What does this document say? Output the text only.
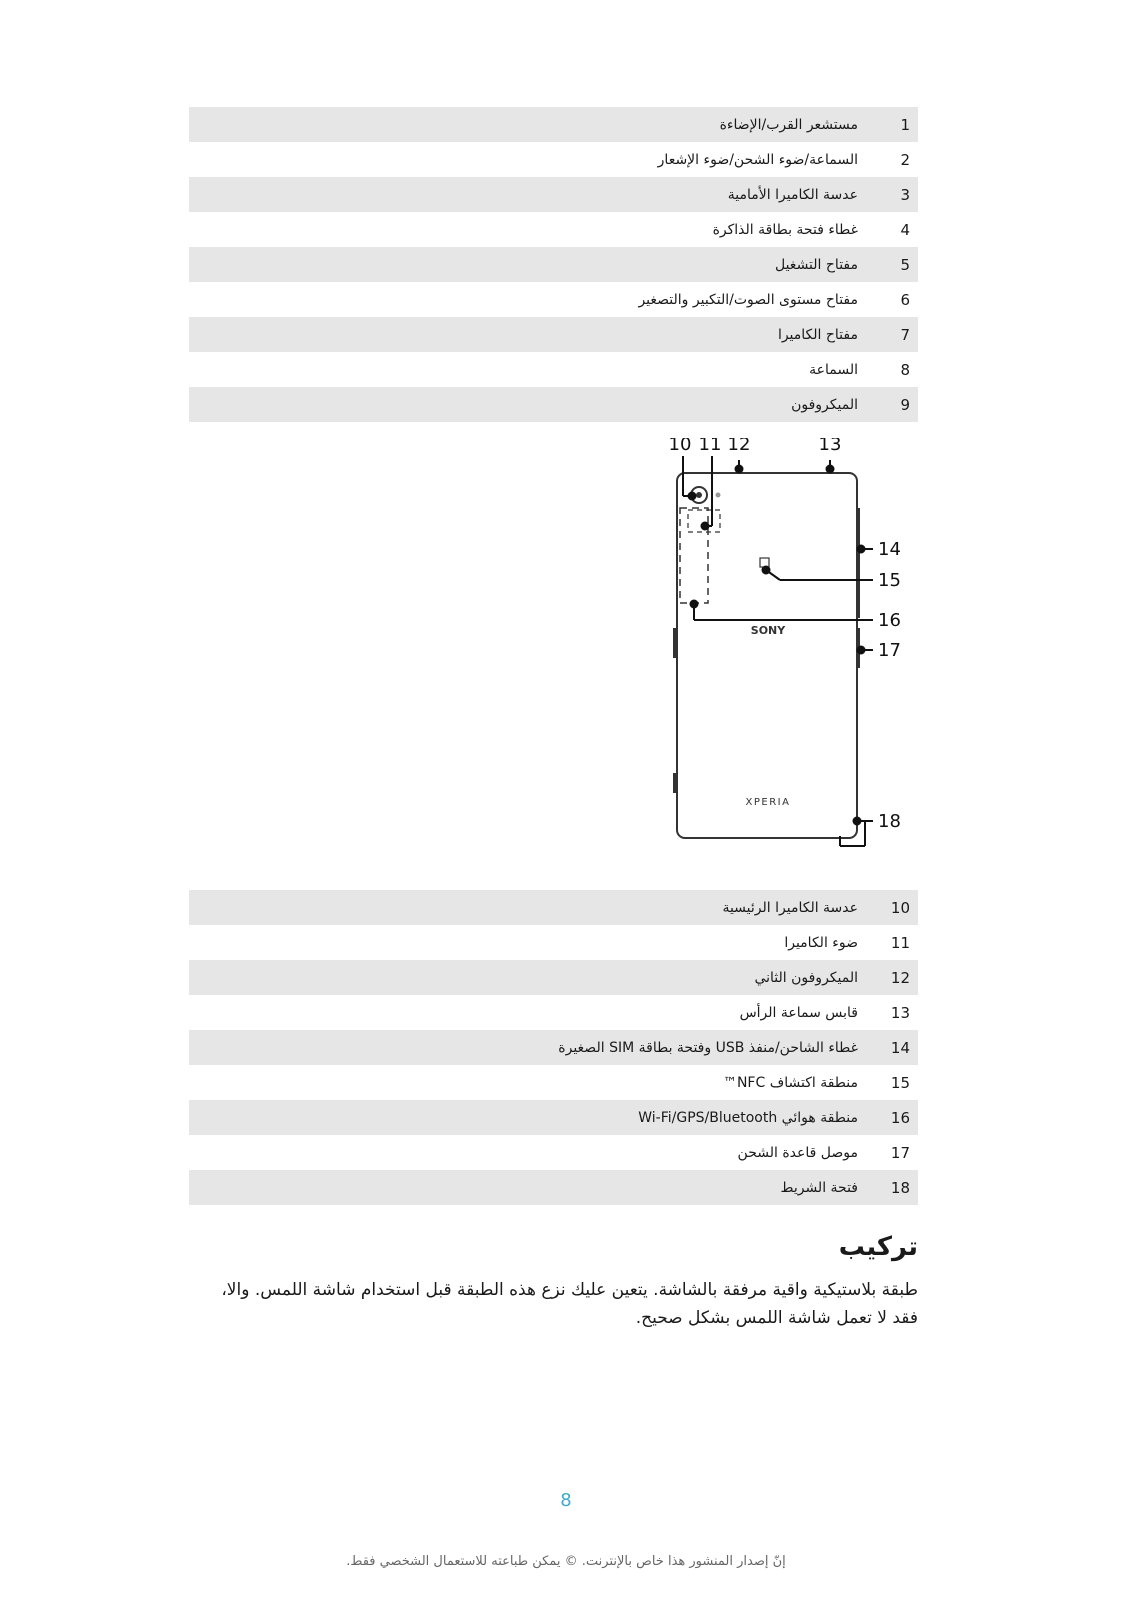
1
مستشعر القرب/الإضاءة
2
السماعة/ضوء الشحن/ضوء الإشعار
3
عدسة الكاميرا الأمامية
4
غطاء فتحة بطاقة الذاكرة
5
مفتاح التشغيل
6
مفتاح مستوى الصوت/التكبير والتصغير
7
مفتاح الكاميرا
8
السماعة
9
الميكروفون
SONY
XPERIA
10 11 12	13
14
15
16
17
18
10
عدسة الكاميرا الرئيسية
11
ضوء الكاميرا
12
الميكروفون الثاني
13
قابس سماعة الرأس
14
غطاء الشاحن/منفذ USB وفتحة بطاقة SIM الصغيرة
15
منطقة اكتشاف NFC™
16
منطقة هوائي Wi-Fi/GPS/Bluetooth
17
موصل قاعدة الشحن
18
فتحة الشريط
تركيب
طبقة بلاستيكية واقية مرفقة بالشاشة. يتعين عليك نزع هذه الطبقة قبل استخدام شاشة اللمس. والا، فقد لا تعمل شاشة اللمس بشكل صحيح.
8
إنّ إصدار المنشور هذا خاص بالإنترنت. © يمكن طباعته للاستعمال الشخصي فقط.
